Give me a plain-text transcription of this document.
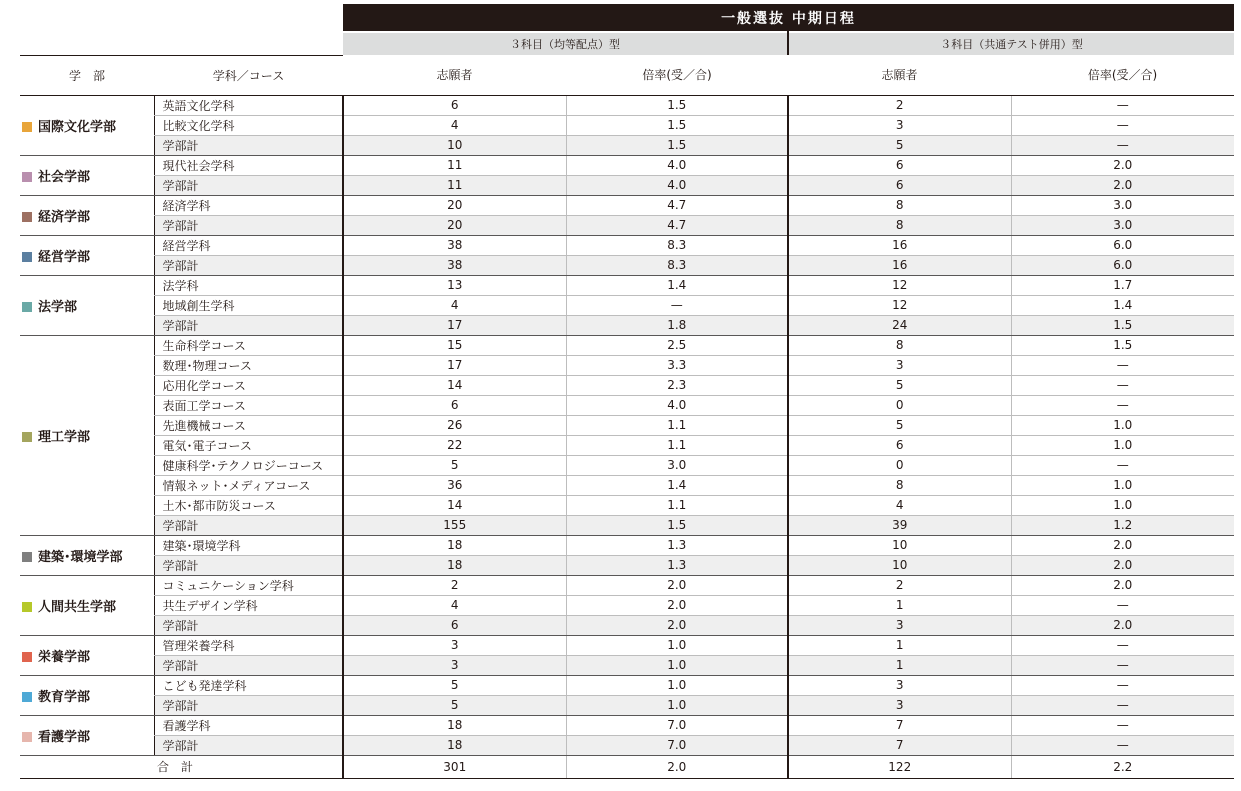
		一般選抜 中期日程			
		３科目（均等配点）型		３科目（共通テスト併用）型	
学　部	学科／コース	志願者	倍率(受／合)	志願者	倍率(受／合)
国際文化学部	英語文化学科	6	1.5	2	—
	比較文化学科	4	1.5	3	—
	学部計	10	1.5	5	—
社会学部	現代社会学科	11	4.0	6	2.0
	学部計	11	4.0	6	2.0
経済学部	経済学科	20	4.7	8	3.0
	学部計	20	4.7	8	3.0
経営学部	経営学科	38	8.3	16	6.0
	学部計	38	8.3	16	6.0
法学部	法学科	13	1.4	12	1.7
	地域創生学科	4	—	12	1.4
	学部計	17	1.8	24	1.5
理工学部	生命科学コース	15	2.5	8	1.5
	数理･物理コース	17	3.3	3	—
	応用化学コース	14	2.3	5	—
	表面工学コース	6	4.0	0	—
	先進機械コース	26	1.1	5	1.0
	電気･電子コース	22	1.1	6	1.0
	健康科学･テクノロジーコース	5	3.0	0	—
	情報ネット･メディアコース	36	1.4	8	1.0
	土木･都市防災コース	14	1.1	4	1.0
	学部計	155	1.5	39	1.2
建築･環境学部	建築･環境学科	18	1.3	10	2.0
	学部計	18	1.3	10	2.0
人間共生学部	コミュニケーション学科	2	2.0	2	2.0
	共生デザイン学科	4	2.0	1	—
	学部計	6	2.0	3	2.0
栄養学部	管理栄養学科	3	1.0	1	—
	学部計	3	1.0	1	—
教育学部	こども発達学科	5	1.0	3	—
	学部計	5	1.0	3	—
看護学部	看護学科	18	7.0	7	—
	学部計	18	7.0	7	—
合計		301	2.0	122	2.2
